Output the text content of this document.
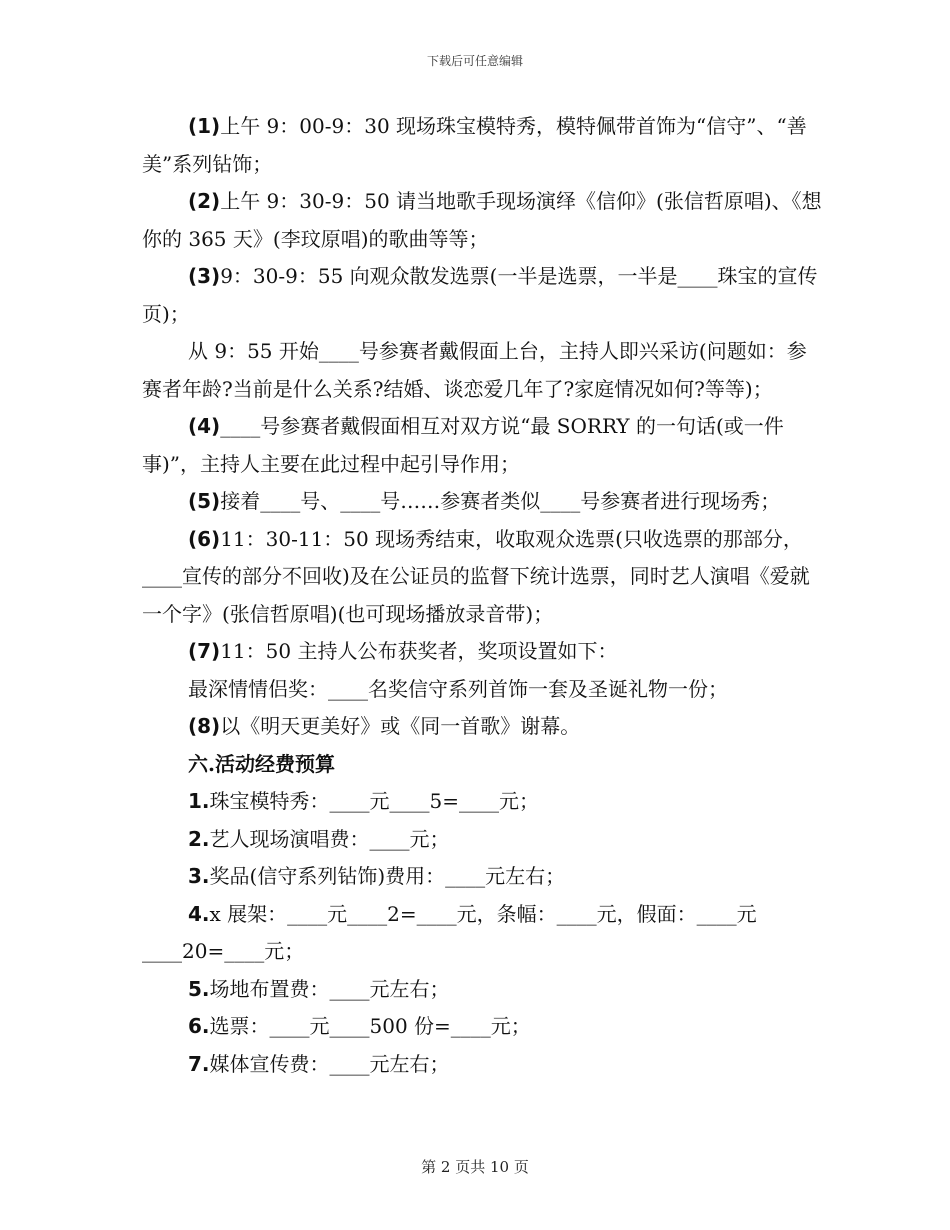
下载后可任意编辑

(1)上午 9：00-9：30 现场珠宝模特秀，模特佩带首饰为“信守”、“善美”系列钻饰；

(2)上午 9：30-9：50 请当地歌手现场演绎《信仰》(张信哲原唱)、《想你的 365 天》(李玟原唱)的歌曲等等；

(3)9：30-9：55 向观众散发选票(一半是选票，一半是____珠宝的宣传页)；

从 9：55 开始____号参赛者戴假面上台，主持人即兴采访(问题如：参赛者年龄?当前是什么关系?结婚、谈恋爱几年了?家庭情况如何?等等)；

(4)____号参赛者戴假面相互对双方说“最 SORRY 的一句话(或一件事)”，主持人主要在此过程中起引导作用；

(5)接着____号、____号……参赛者类似____号参赛者进行现场秀；

(6)11：30-11：50 现场秀结束，收取观众选票(只收选票的那部分，____宣传的部分不回收)及在公证员的监督下统计选票，同时艺人演唱《爱就一个字》(张信哲原唱)(也可现场播放录音带)；

(7)11：50 主持人公布获奖者，奖项设置如下：

最深情情侣奖：____名奖信守系列首饰一套及圣诞礼物一份；

(8)以《明天更美好》或《同一首歌》谢幕。

六.活动经费预算

1.珠宝模特秀：____元____5=____元；

2.艺人现场演唱费：____元；

3.奖品(信守系列钻饰)费用：____元左右；

4.x 展架：____元____2=____元，条幅：____元，假面：____元____20=____元；

5.场地布置费：____元左右；

6.选票：____元____500 份=____元；

7.媒体宣传费：____元左右；

第 2 页共 10 页
